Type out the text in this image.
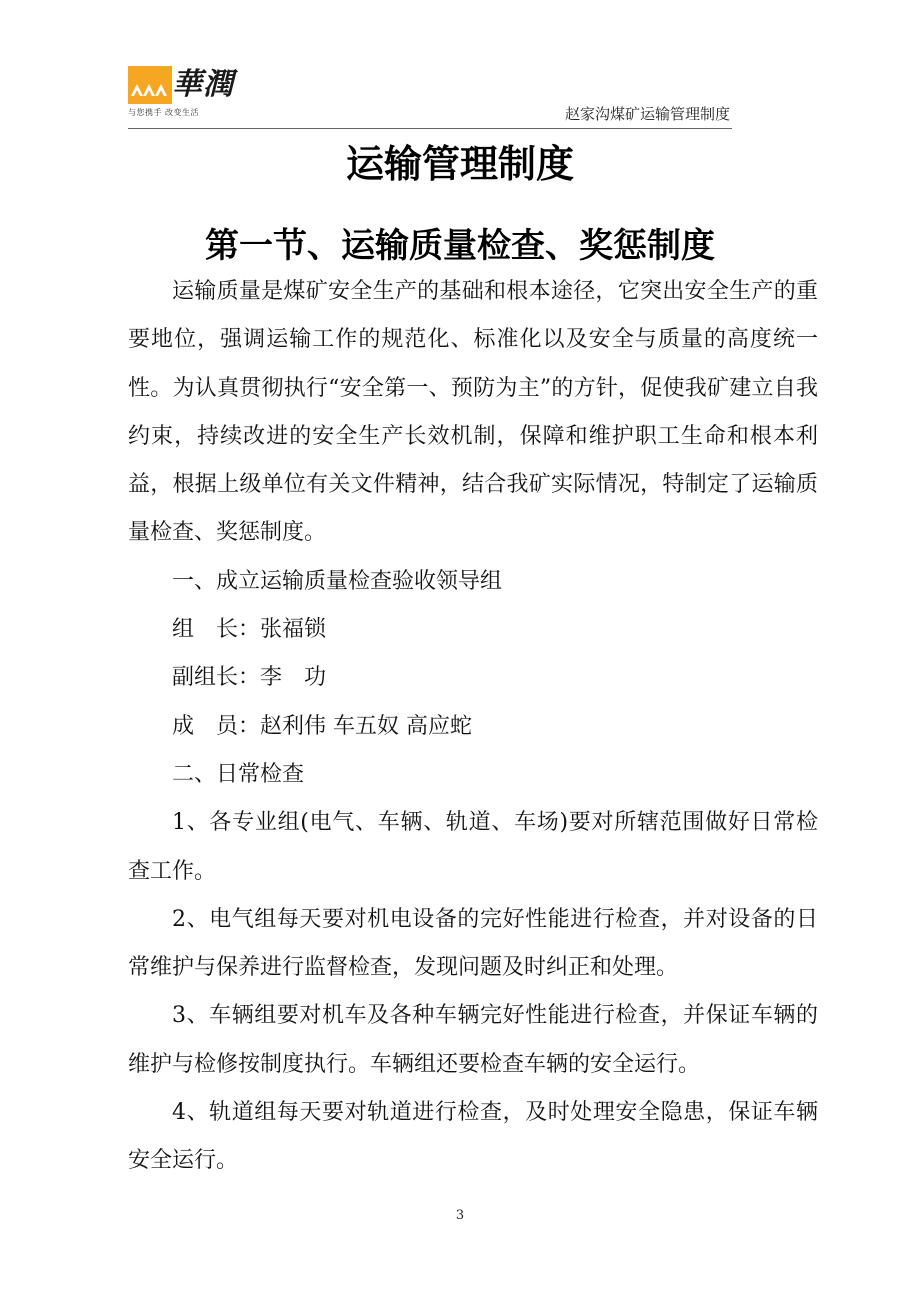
華潤
与您携手 改变生活	赵家沟煤矿运输管理制度
运输管理制度
第一节、运输质量检查、奖惩制度

运输质量是煤矿安全生产的基础和根本途径，它突出安全生产的重要地位，强调运输工作的规范化、标准化以及安全与质量的高度统一性。为认真贯彻执行“安全第一、预防为主”的方针，促使我矿建立自我约束，持续改进的安全生产长效机制，保障和维护职工生命和根本利益，根据上级单位有关文件精神，结合我矿实际情况，特制定了运输质量检查、奖惩制度。

一、成立运输质量检查验收领导组

组　长：张福锁

副组长：李　功

成　员：赵利伟 车五奴 高应蛇

二、日常检查

1、各专业组(电气、车辆、轨道、车场)要对所辖范围做好日常检查工作。

2、电气组每天要对机电设备的完好性能进行检查，并对设备的日常维护与保养进行监督检查，发现问题及时纠正和处理。

3、车辆组要对机车及各种车辆完好性能进行检查，并保证车辆的维护与检修按制度执行。车辆组还要检查车辆的安全运行。

4、轨道组每天要对轨道进行检查，及时处理安全隐患，保证车辆安全运行。

3
